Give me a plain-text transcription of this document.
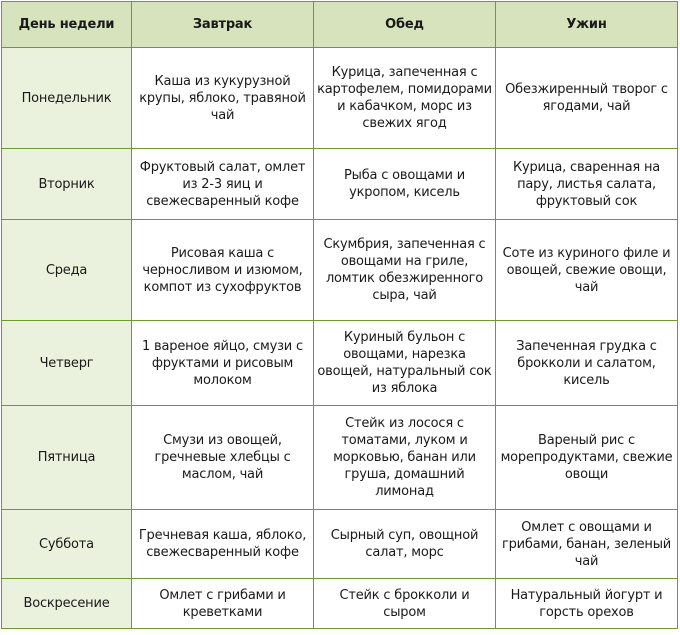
День недели	Завтрак	Обед	Ужин
Понедельник	Каша из кукурузной крупы, яблоко, травяной чай	Курица, запеченная с картофелем, помидорами и кабачком, морс из свежих ягод	Обезжиренный творог с ягодами, чай
Вторник	Фруктовый салат, омлет из 2-3 яиц и свежесваренный кофе	Рыба с овощами и укропом, кисель	Курица, сваренная на пару, листья салата, фруктовый сок
Среда	Рисовая каша с черносливом и изюмом, компот из сухофруктов	Скумбрия, запеченная с овощами на гриле, ломтик обезжиренного сыра, чай	Соте из куриного филе и овощей, свежие овощи, чай
Четверг	1 вареное яйцо, смузи с фруктами и рисовым молоком	Куриный бульон с овощами, нарезка овощей, натуральный сок из яблока	Запеченная грудка с брокколи и салатом, кисель
Пятница	Смузи из овощей, гречневые хлебцы с маслом, чай	Стейк из лосося с томатами, луком и морковью, банан или груша, домашний лимонад	Вареный рис с морепродуктами, свежие овощи
Суббота	Гречневая каша, яблоко, свежесваренный кофе	Сырный суп, овощной салат, морс	Омлет с овощами и грибами, банан, зеленый чай
Воскресение	Омлет с грибами и креветками	Стейк с брокколи и сыром	Натуральный йогурт и горсть орехов
